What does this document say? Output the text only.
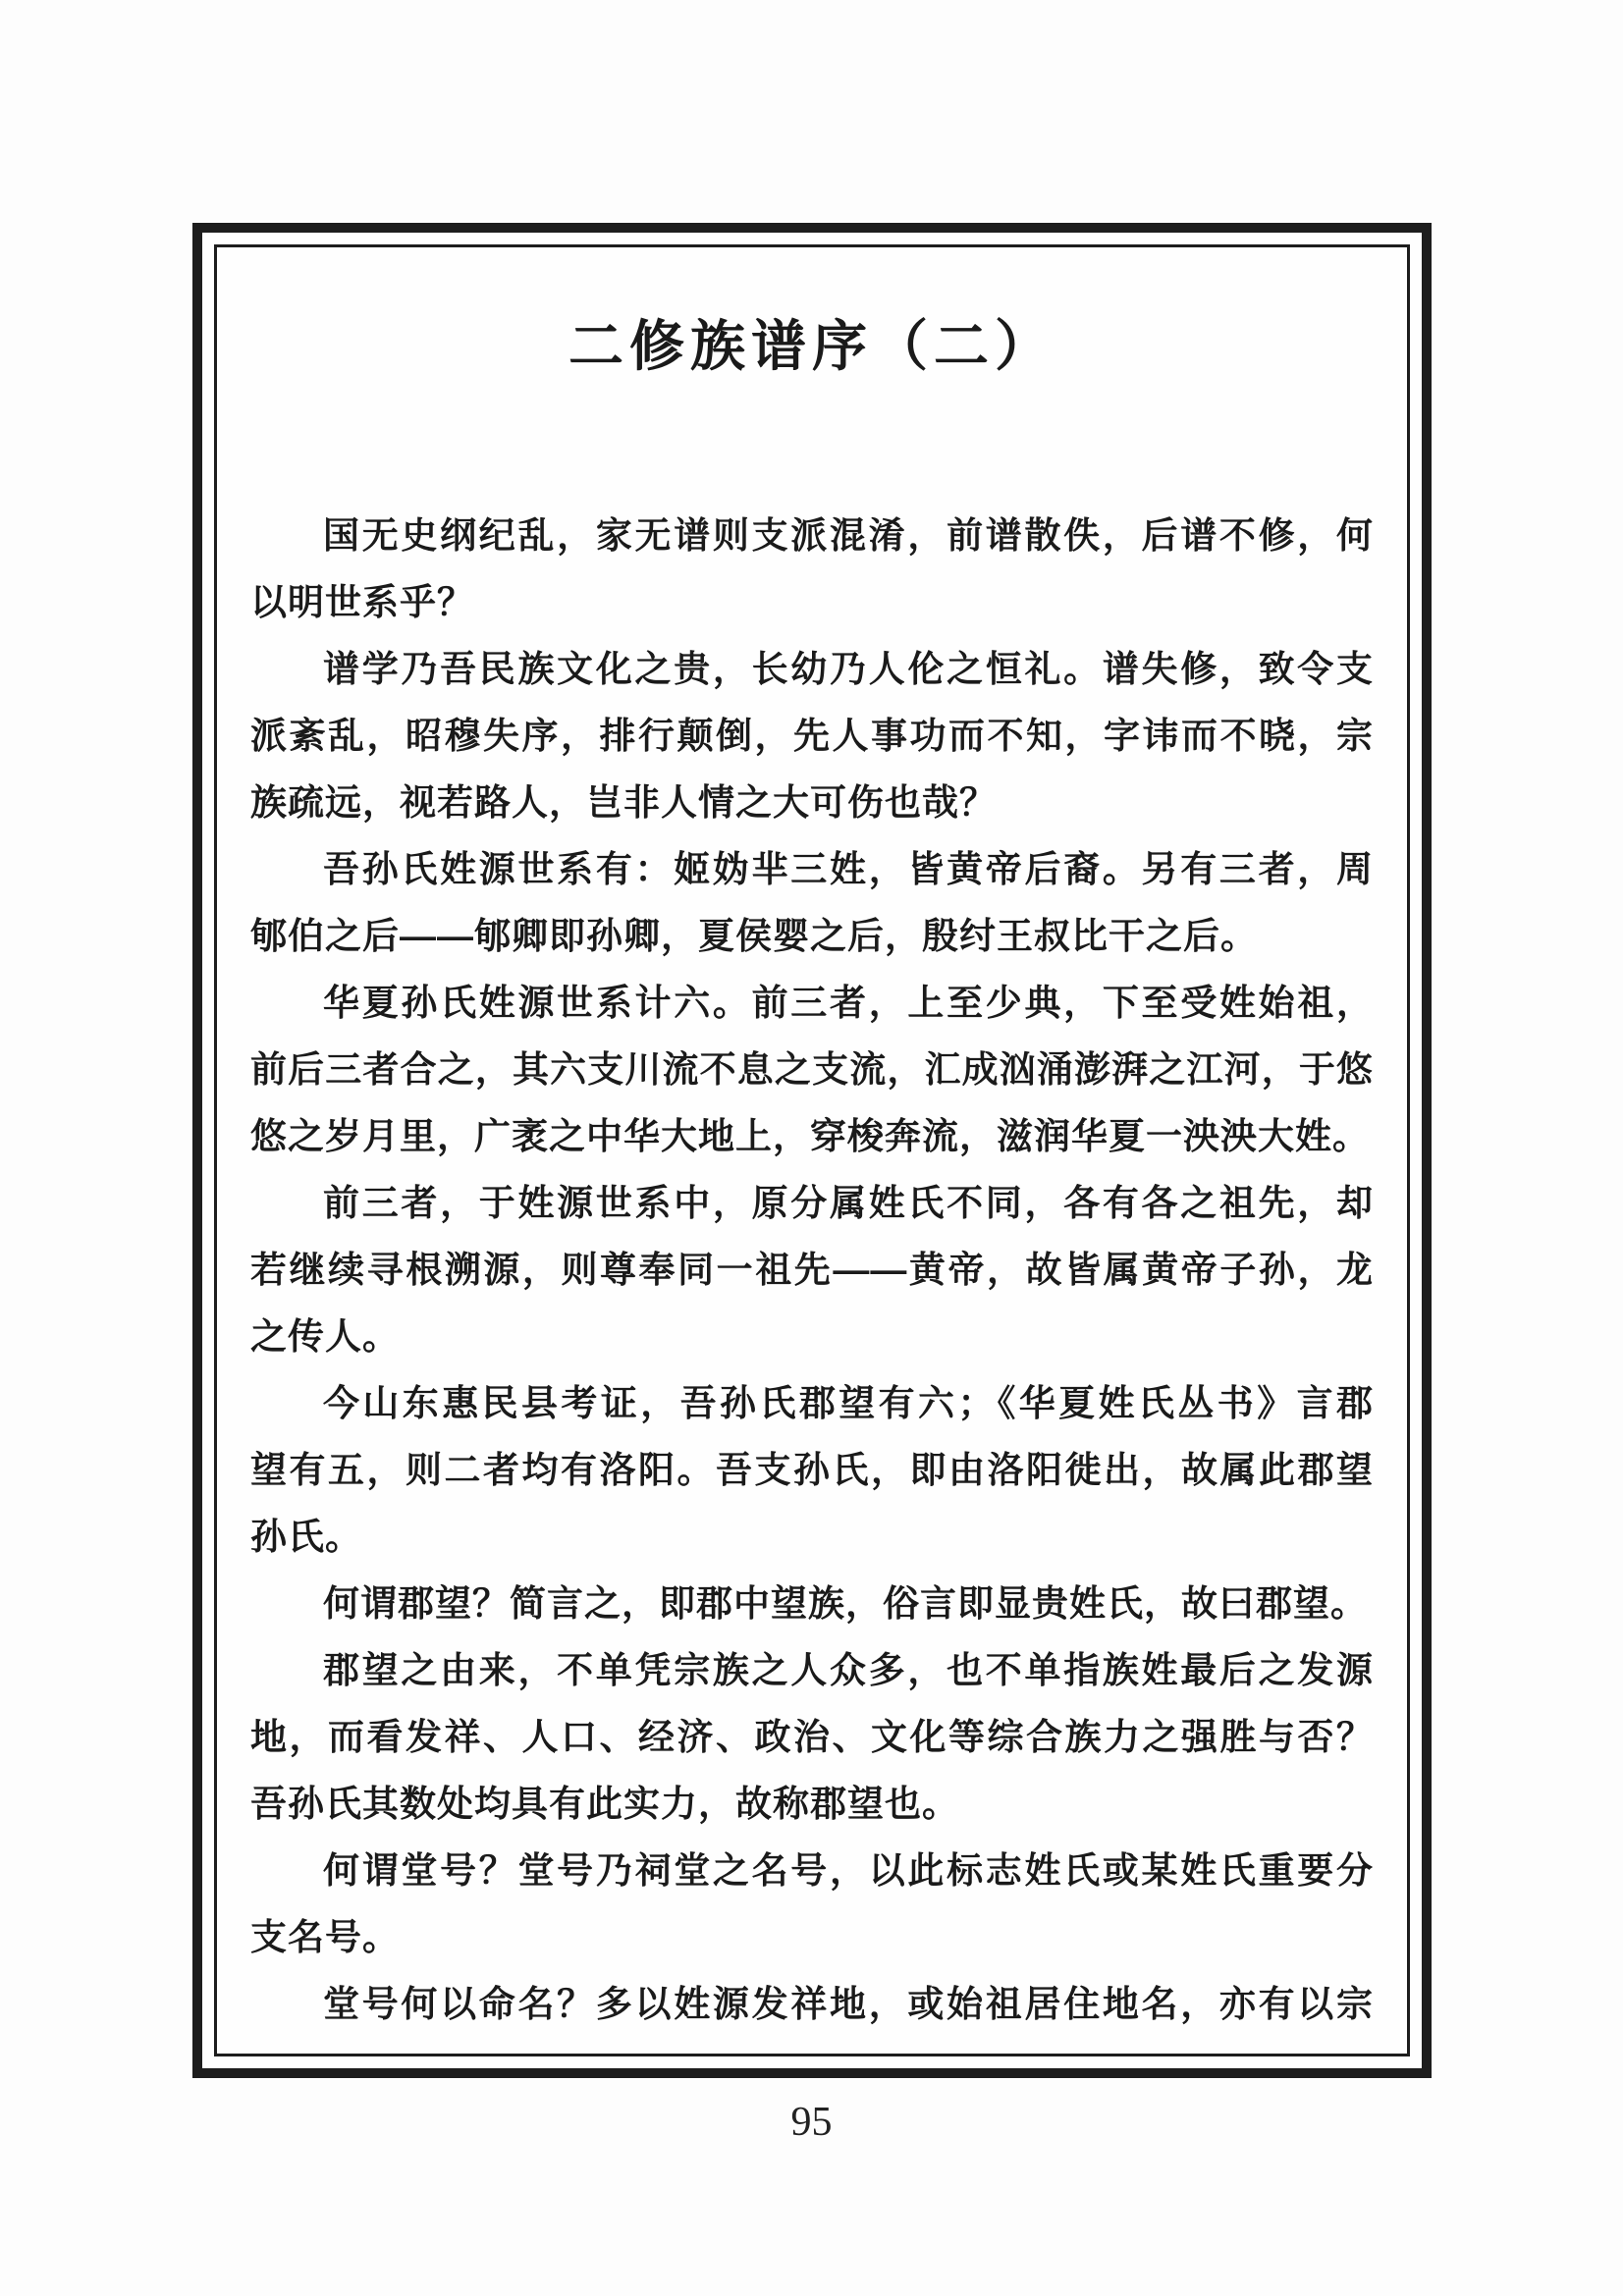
二修族谱序（二）
国无史纲纪乱，家无谱则支派混淆，前谱散佚，后谱不修，何
以明世系乎？
谱学乃吾民族文化之贵，长幼乃人伦之恒礼。谱失修，致令支
派紊乱，昭穆失序，排行颠倒，先人事功而不知，字讳而不晓，宗
族疏远，视若路人，岂非人情之大可伤也哉？
吾孙氏姓源世系有：姬妫芈三姓，皆黄帝后裔。另有三者，周
郇伯之后——郇卿即孙卿，夏侯婴之后，殷纣王叔比干之后。
华夏孙氏姓源世系计六。前三者，上至少典，下至受姓始祖，
前后三者合之，其六支川流不息之支流，汇成汹涌澎湃之江河，于悠
悠之岁月里，广袤之中华大地上，穿梭奔流，滋润华夏一泱泱大姓。
前三者，于姓源世系中，原分属姓氏不同，各有各之祖先，却
若继续寻根溯源，则尊奉同一祖先——黄帝，故皆属黄帝子孙，龙
之传人。
今山东惠民县考证，吾孙氏郡望有六；《华夏姓氏丛书》言郡
望有五，则二者均有洛阳。吾支孙氏，即由洛阳徙出，故属此郡望
孙氏。
何谓郡望？简言之，即郡中望族，俗言即显贵姓氏，故曰郡望。
郡望之由来，不单凭宗族之人众多，也不单指族姓最后之发源
地，而看发祥、人口、经济、政治、文化等综合族力之强胜与否？
吾孙氏其数处均具有此实力，故称郡望也。
何谓堂号？堂号乃祠堂之名号，以此标志姓氏或某姓氏重要分
支名号。
堂号何以命名？多以姓源发祥地，或始祖居住地名，亦有以宗
95
